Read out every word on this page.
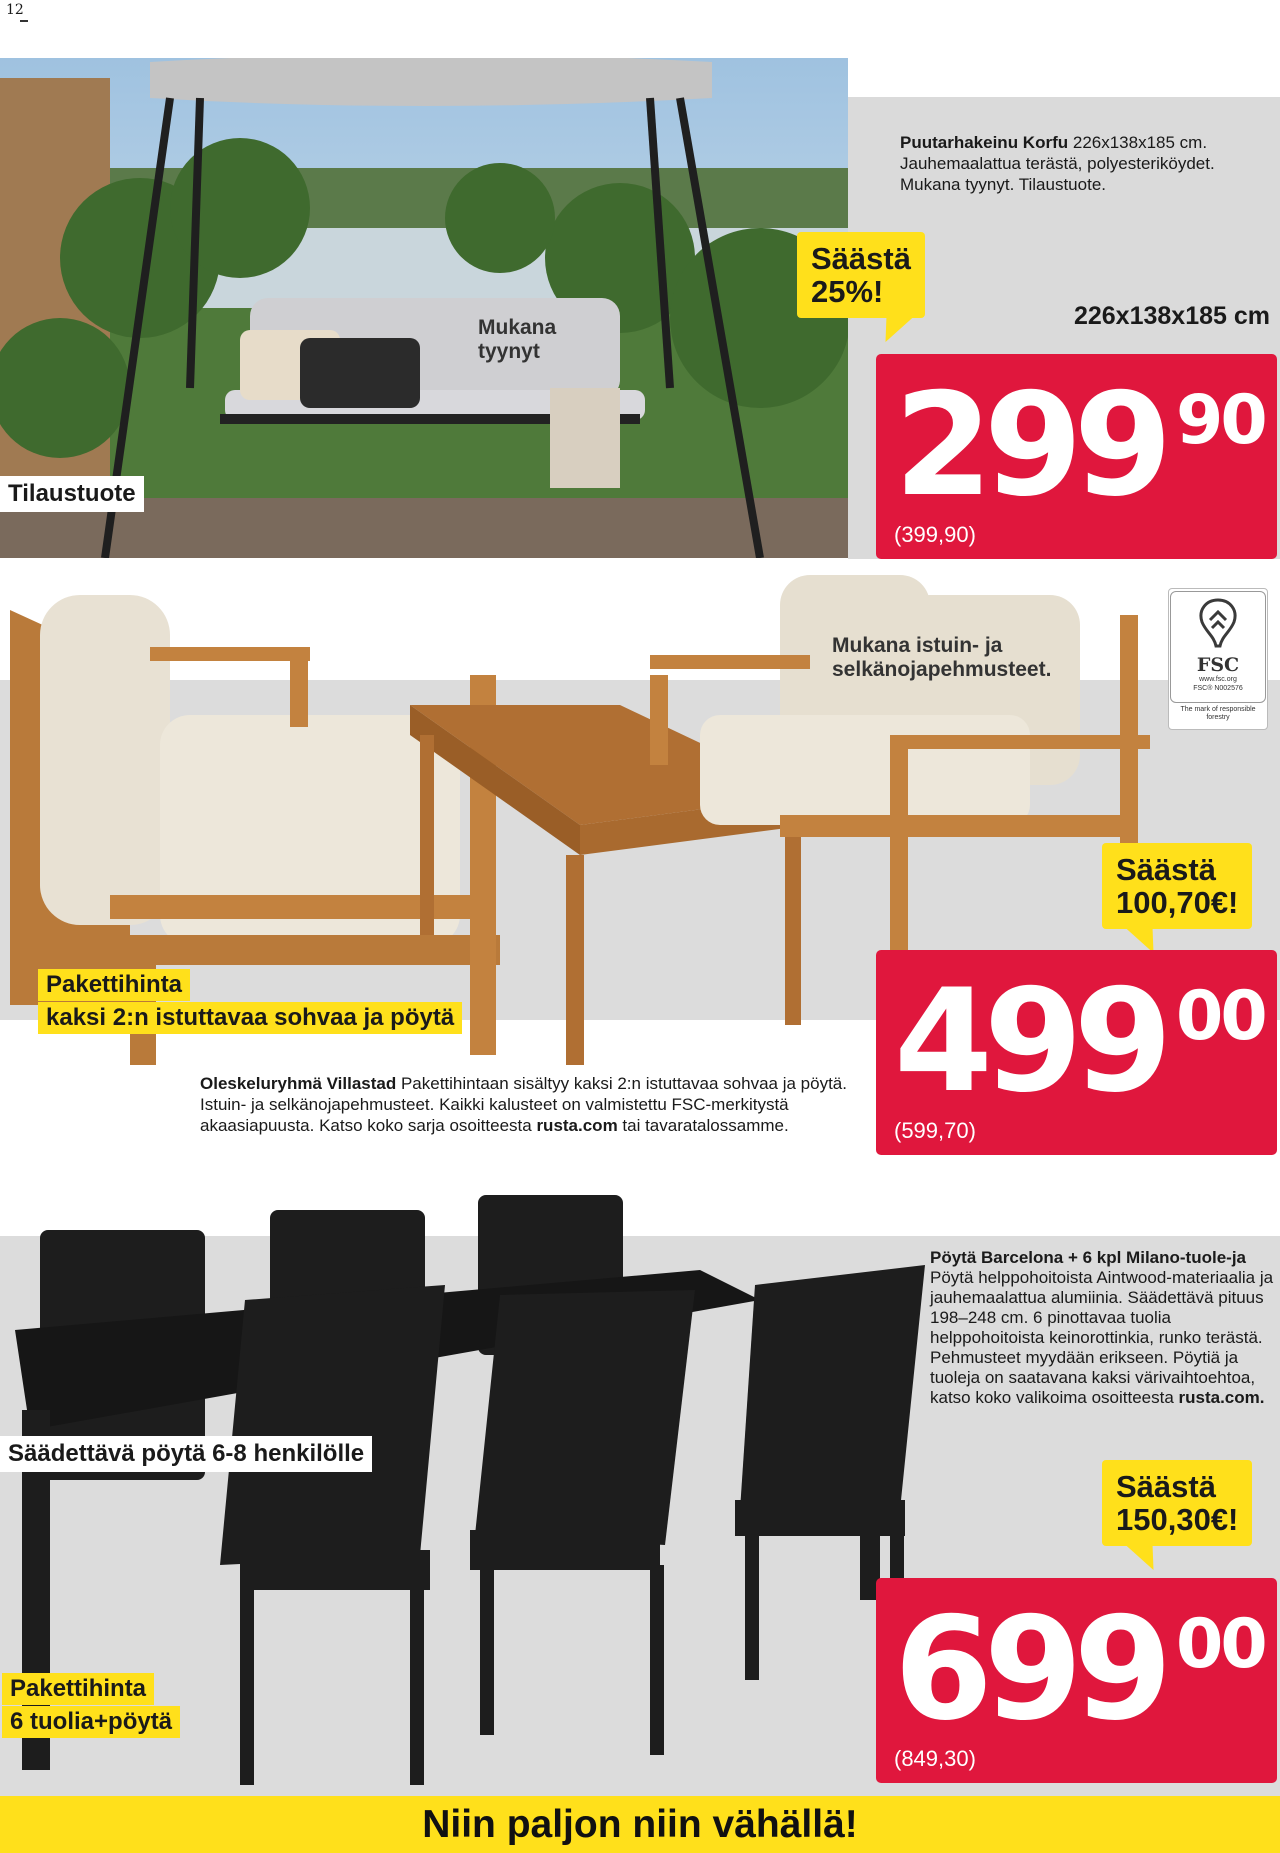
12
Mukana
tyynyt
Tilaustuote
Puutarhakeinu Korfu 226x138x185 cm.
Jauhemaalattua terästä, polyesteriköydet.
Mukana tyynyt. Tilaustuote.
Säästä
25%!
226x138x185 cm
299 90
(399,90)
Mukana istuin- ja
selkänojapehmusteet.	FSC
www.fsc.org
FSC® N002576
The mark of responsible forestry
Säästä
100,70€!
Pakettihinta
kaksi 2:n istuttavaa sohvaa ja pöytä
Oleskeluryhmä Villastad Pakettihintaan sisältyy kaksi 2:n istuttavaa sohvaa ja pöytä. Istuin- ja selkänojapehmusteet. Kaikki kalusteet on valmistettu FSC-merkitystä akaasiapuusta. Katso koko sarja osoitteesta rusta.com tai tavaratalossamme.
499 00
(599,70)
Pöytä Barcelona + 6 kpl Milano-tuole-ja Pöytä helppohoitoista Aintwood-materiaalia ja jauhemaalattua alumiinia. Säädettävä pituus 198–248 cm. 6 pinottavaa tuolia helppohoitoista keinorottinkia, runko terästä. Pehmusteet myydään erikseen. Pöytiä ja tuoleja on saatavana kaksi värivaihtoehtoa, katso koko valikoima osoitteesta rusta.com.
Säädettävä pöytä 6-8 henkilölle
Säästä
150,30€!
Pakettihinta
6 tuolia+pöytä	699 00
(849,30)
Niin paljon niin vähällä!
